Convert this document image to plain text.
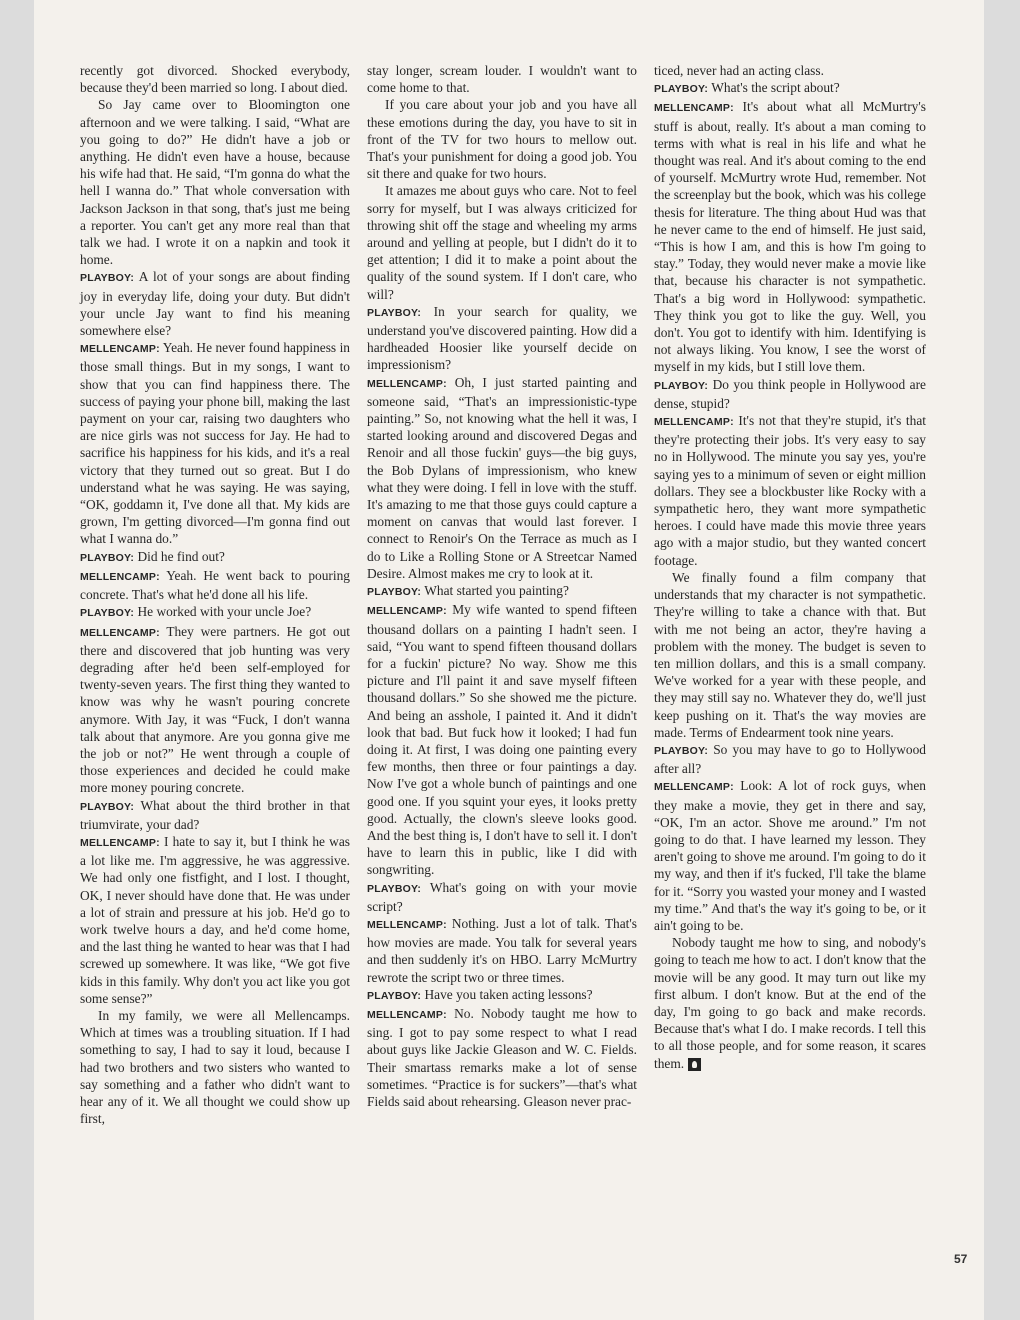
recently got divorced. Shocked everybody, because they'd been married so long. I about died.

So Jay came over to Bloomington one afternoon and we were talking. I said, “What are you going to do?” He didn't have a job or anything. He didn't even have a house, because his wife had that. He said, “I'm gonna do what the hell I wanna do.” That whole conversation with Jackson Jackson in that song, that's just me being a reporter. You can't get any more real than that talk we had. I wrote it on a napkin and took it home.

PLAYBOY: A lot of your songs are about finding joy in everyday life, doing your duty. But didn't your uncle Jay want to find his meaning somewhere else?

MELLENCAMP: Yeah. He never found happiness in those small things. But in my songs, I want to show that you can find happiness there. The success of paying your phone bill, making the last payment on your car, raising two daughters who are nice girls was not success for Jay. He had to sacrifice his happiness for his kids, and it's a real victory that they turned out so great. But I do understand what he was saying. He was saying, “OK, goddamn it, I've done all that. My kids are grown, I'm getting divorced—I'm gonna find out what I wanna do.”

PLAYBOY: Did he find out?

MELLENCAMP: Yeah. He went back to pouring concrete. That's what he'd done all his life.

PLAYBOY: He worked with your uncle Joe?

MELLENCAMP: They were partners. He got out there and discovered that job hunting was very degrading after he'd been self-employed for twenty-seven years. The first thing they wanted to know was why he wasn't pouring concrete anymore. With Jay, it was “Fuck, I don't wanna talk about that anymore. Are you gonna give me the job or not?” He went through a couple of those experiences and decided he could make more money pouring concrete.

PLAYBOY: What about the third brother in that triumvirate, your dad?

MELLENCAMP: I hate to say it, but I think he was a lot like me. I'm aggressive, he was aggressive. We had only one fistfight, and I lost. I thought, OK, I never should have done that. He was under a lot of strain and pressure at his job. He'd go to work twelve hours a day, and he'd come home, and the last thing he wanted to hear was that I had screwed up somewhere. It was like, “We got five kids in this family. Why don't you act like you got some sense?”

In my family, we were all Mellencamps. Which at times was a troubling situation. If I had something to say, I had to say it loud, because I had two brothers and two sisters who wanted to say something and a father who didn't want to hear any of it. We all thought we could show up first,

stay longer, scream louder. I wouldn't want to come home to that.

If you care about your job and you have all these emotions during the day, you have to sit in front of the TV for two hours to mellow out. That's your punishment for doing a good job. You sit there and quake for two hours.

It amazes me about guys who care. Not to feel sorry for myself, but I was always criticized for throwing shit off the stage and wheeling my arms around and yelling at people, but I didn't do it to get attention; I did it to make a point about the quality of the sound system. If I don't care, who will?

PLAYBOY: In your search for quality, we understand you've discovered painting. How did a hardheaded Hoosier like yourself decide on impressionism?

MELLENCAMP: Oh, I just started painting and someone said, “That's an impressionistic-type painting.” So, not knowing what the hell it was, I started looking around and discovered Degas and Renoir and all those fuckin' guys—the big guys, the Bob Dylans of impressionism, who knew what they were doing. I fell in love with the stuff. It's amazing to me that those guys could capture a moment on canvas that would last forever. I connect to Renoir's On the Terrace as much as I do to Like a Rolling Stone or A Streetcar Named Desire. Almost makes me cry to look at it.

PLAYBOY: What started you painting?

MELLENCAMP: My wife wanted to spend fifteen thousand dollars on a painting I hadn't seen. I said, “You want to spend fifteen thousand dollars for a fuckin' picture? No way. Show me this picture and I'll paint it and save myself fifteen thousand dollars.” So she showed me the picture. And being an asshole, I painted it. And it didn't look that bad. But fuck how it looked; I had fun doing it. At first, I was doing one painting every few months, then three or four paintings a day. Now I've got a whole bunch of paintings and one good one. If you squint your eyes, it looks pretty good. Actually, the clown's sleeve looks good. And the best thing is, I don't have to sell it. I don't have to learn this in public, like I did with songwriting.

PLAYBOY: What's going on with your movie script?

MELLENCAMP: Nothing. Just a lot of talk. That's how movies are made. You talk for several years and then suddenly it's on HBO. Larry McMurtry rewrote the script two or three times.

PLAYBOY: Have you taken acting lessons?

MELLENCAMP: No. Nobody taught me how to sing. I got to pay some respect to what I read about guys like Jackie Gleason and W. C. Fields. Their smartass remarks make a lot of sense sometimes. “Practice is for suckers”—that's what Fields said about rehearsing. Gleason never prac-

ticed, never had an acting class.

PLAYBOY: What's the script about?

MELLENCAMP: It's about what all McMurtry's stuff is about, really. It's about a man coming to terms with what is real in his life and what he thought was real. And it's about coming to the end of yourself. McMurtry wrote Hud, remember. Not the screenplay but the book, which was his college thesis for literature. The thing about Hud was that he never came to the end of himself. He just said, “This is how I am, and this is how I'm going to stay.” Today, they would never make a movie like that, because his character is not sympathetic. That's a big word in Hollywood: sympathetic. They think you got to like the guy. Well, you don't. You got to identify with him. Identifying is not always liking. You know, I see the worst of myself in my kids, but I still love them.

PLAYBOY: Do you think people in Hollywood are dense, stupid?

MELLENCAMP: It's not that they're stupid, it's that they're protecting their jobs. It's very easy to say no in Hollywood. The minute you say yes, you're saying yes to a minimum of seven or eight million dollars. They see a blockbuster like Rocky with a sympathetic hero, they want more sympathetic heroes. I could have made this movie three years ago with a major studio, but they wanted concert footage.

We finally found a film company that understands that my character is not sympathetic. They're willing to take a chance with that. But with me not being an actor, they're having a problem with the money. The budget is seven to ten million dollars, and this is a small company. We've worked for a year with these people, and they may still say no. Whatever they do, we'll just keep pushing on it. That's the way movies are made. Terms of Endearment took nine years.

PLAYBOY: So you may have to go to Hollywood after all?

MELLENCAMP: Look: A lot of rock guys, when they make a movie, they get in there and say, “OK, I'm an actor. Shove me around.” I'm not going to do that. I have learned my lesson. They aren't going to shove me around. I'm going to do it my way, and then if it's fucked, I'll take the blame for it. “Sorry you wasted your money and I wasted my time.” And that's the way it's going to be, or it ain't going to be.

Nobody taught me how to sing, and nobody's going to teach me how to act. I don't know that the movie will be any good. It may turn out like my first album. I don't know. But at the end of the day, I'm going to go back and make records. Because that's what I do. I make records. I tell this to all those people, and for some reason, it scares them.

57
